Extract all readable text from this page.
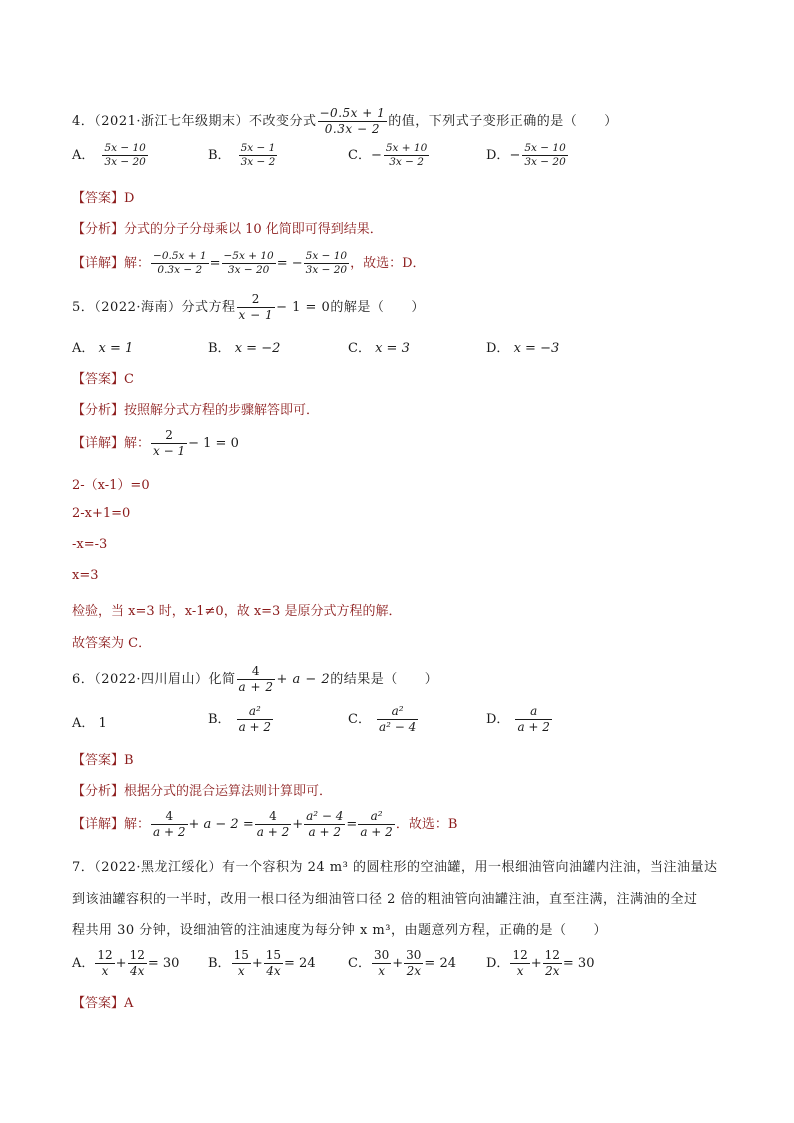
4．（2021·浙江七年级期末）不改变分式 $\frac{-0.5x + 1}{0.3x - 2}$ 的值，下列式子变形正确的是（　　）
A． $\frac{5x - 10}{3x - 20}$	B． $\frac{5x - 1}{3x - 2}$	C．− $\frac{5x + 10}{3x - 2}$	D．− $\frac{5x - 10}{3x - 20}$
【答案】D
【分析】分式的分子分母乘以 10 化简即可得到结果．
【详解】解： $\frac{-0.5x + 1}{0.3x - 2} = \frac{-5x + 10}{3x - 20}$ = − $\frac{5x - 10}{3x - 20}$ ，故选：D．
5．（2022·海南）分式方程 $\frac{2}{x - 1} - 1 = 0$的解是（　　）
A． x = 1	B． x = −2	C． x = 3	D． x = −3
【答案】C
【分析】按照解分式方程的步骤解答即可．
【详解】解： $\frac{2}{x - 1} - 1 = 0$
2-（x-1）=0
2-x+1=0
-x=-3
x=3
检验，当 x=3 时，x-1≠0，故 x=3 是原分式方程的解．
故答案为 C．
6．（2022·四川眉山）化简 $\frac{4}{a + 2} + a - 2$的结果是（　　）
A． 1	B． $\frac{\text{a²}}{a + 2}$	C． $\frac{\text{a²}}{\text{a² − 4}}$	D． $\frac{a}{a + 2}$
【答案】B
【分析】根据分式的混合运算法则计算即可．
【详解】解： $\frac{4}{a + 2} + a - 2 = \frac{4}{a + 2} + \frac{\text{a² − 4}}{a + 2} = \frac{\text{a²}}{a + 2}$ ．故选：B
7．（2022·黑龙江绥化）有一个容积为 24 m³ 的圆柱形的空油罐，用一根细油管向油罐内注油，当注油量达
到该油罐容积的一半时，改用一根口径为细油管口径 2 倍的粗油管向油罐注油，直至注满，注满油的全过
程共用 30 分钟，设细油管的注油速度为每分钟 x m³，由题意列方程，正确的是（　　）
A． $\frac{12}{x} + \frac{12}{4x} = 30$ B． $\frac{15}{x} + \frac{15}{4x} = 24$ C． $\frac{30}{x} + \frac{30}{2x} = 24$ D． $\frac{12}{x} + \frac{12}{2x} = 30$
【答案】A
